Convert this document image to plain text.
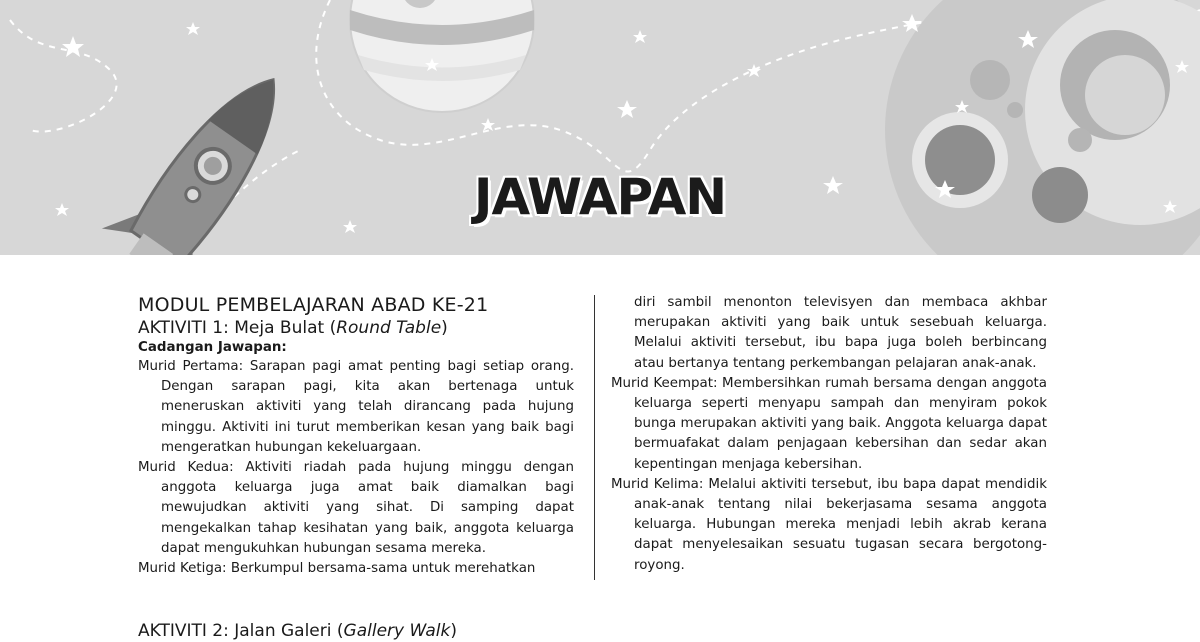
JAWAPAN
MODUL PEMBELAJARAN ABAD KE-21
AKTIVITI 1: Meja Bulat (Round Table)

Cadangan Jawapan:

Murid Pertama: Sarapan pagi amat penting bagi setiap orang. Dengan sarapan pagi, kita akan bertenaga untuk meneruskan aktiviti yang telah dirancang pada hujung minggu. Aktiviti ini turut memberikan kesan yang baik bagi mengeratkan hubungan kekeluargaan.

Murid Kedua: Aktiviti riadah pada hujung minggu dengan anggota keluarga juga amat baik diamalkan bagi mewujudkan aktiviti yang sihat. Di samping dapat mengekalkan tahap kesihatan yang baik, anggota keluarga dapat mengukuhkan hubungan sesama mereka.

Murid Ketiga: Berkumpul bersama-sama untuk merehatkan

diri sambil menonton televisyen dan membaca akhbar merupakan aktiviti yang baik untuk sesebuah keluarga. Melalui aktiviti tersebut, ibu bapa juga boleh berbincang atau bertanya tentang perkembangan pelajaran anak-anak.

Murid Keempat: Membersihkan rumah bersama dengan anggota keluarga seperti menyapu sampah dan menyiram pokok bunga merupakan aktiviti yang baik. Anggota keluarga dapat bermuafakat dalam penjagaan kebersihan dan sedar akan kepentingan menjaga kebersihan.

Murid Kelima: Melalui aktiviti tersebut, ibu bapa dapat mendidik anak-anak tentang nilai bekerjasama sesama anggota keluarga. Hubungan mereka menjadi lebih akrab kerana dapat menyelesaikan sesuatu tugasan secara bergotong-royong.

AKTIVITI 2: Jalan Galeri (Gallery Walk)
